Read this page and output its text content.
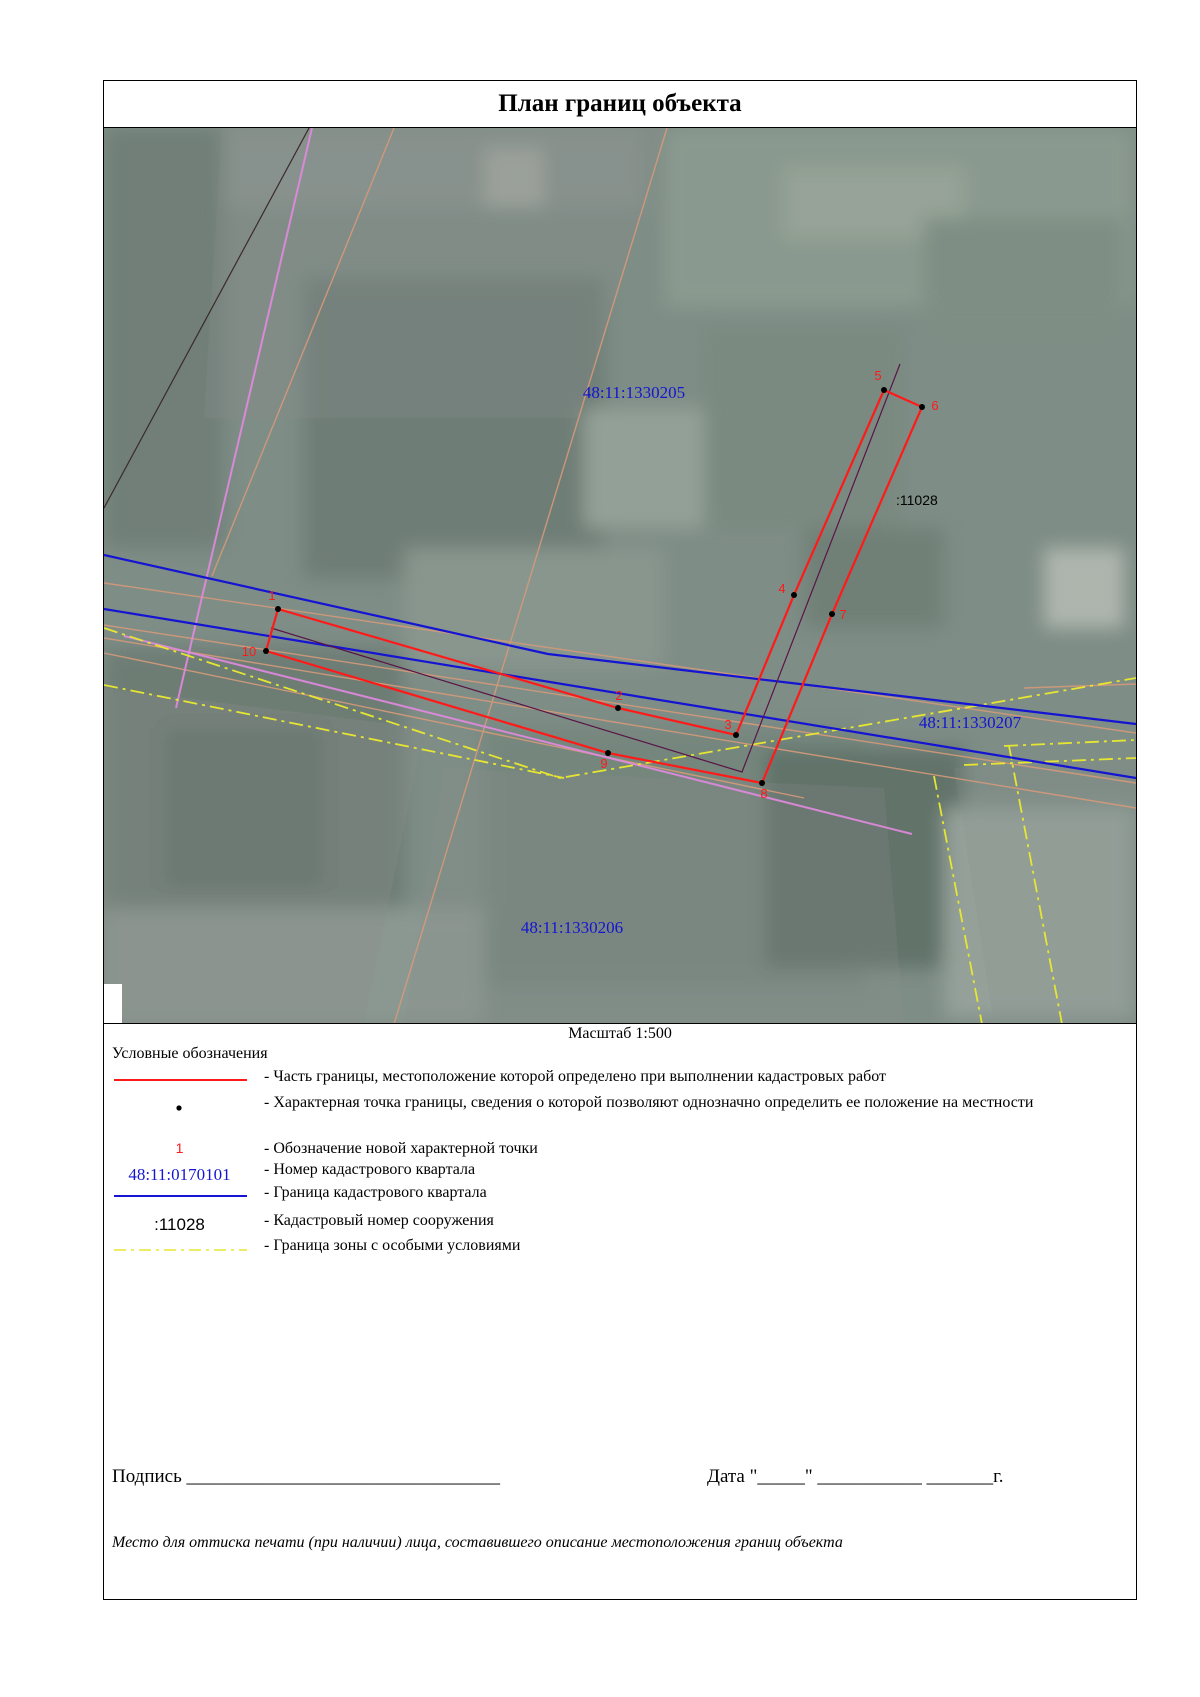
План границ объекта
1
2
3
4
5
6
7
8
9
10
48:11:1330205
48:11:1330207
48:11:1330206
:11028
Масштаб 1:500
Условные обозначения
- Часть границы, местоположение которой определено при выполнении кадастровых работ
- Характерная точка границы, сведения о которой позволяют однозначно определить ее положение на местности
1	- Обозначение новой характерной точки
48:11:0170101	- Номер кадастрового квартала
- Граница кадастрового квартала
:11028	- Кадастровый номер сооружения
- Граница зоны с особыми условиями
Подпись _________________________________	Дата "_____" ___________ _______г.
Место для оттиска печати (при наличии) лица, составившего описание местоположения границ объекта
